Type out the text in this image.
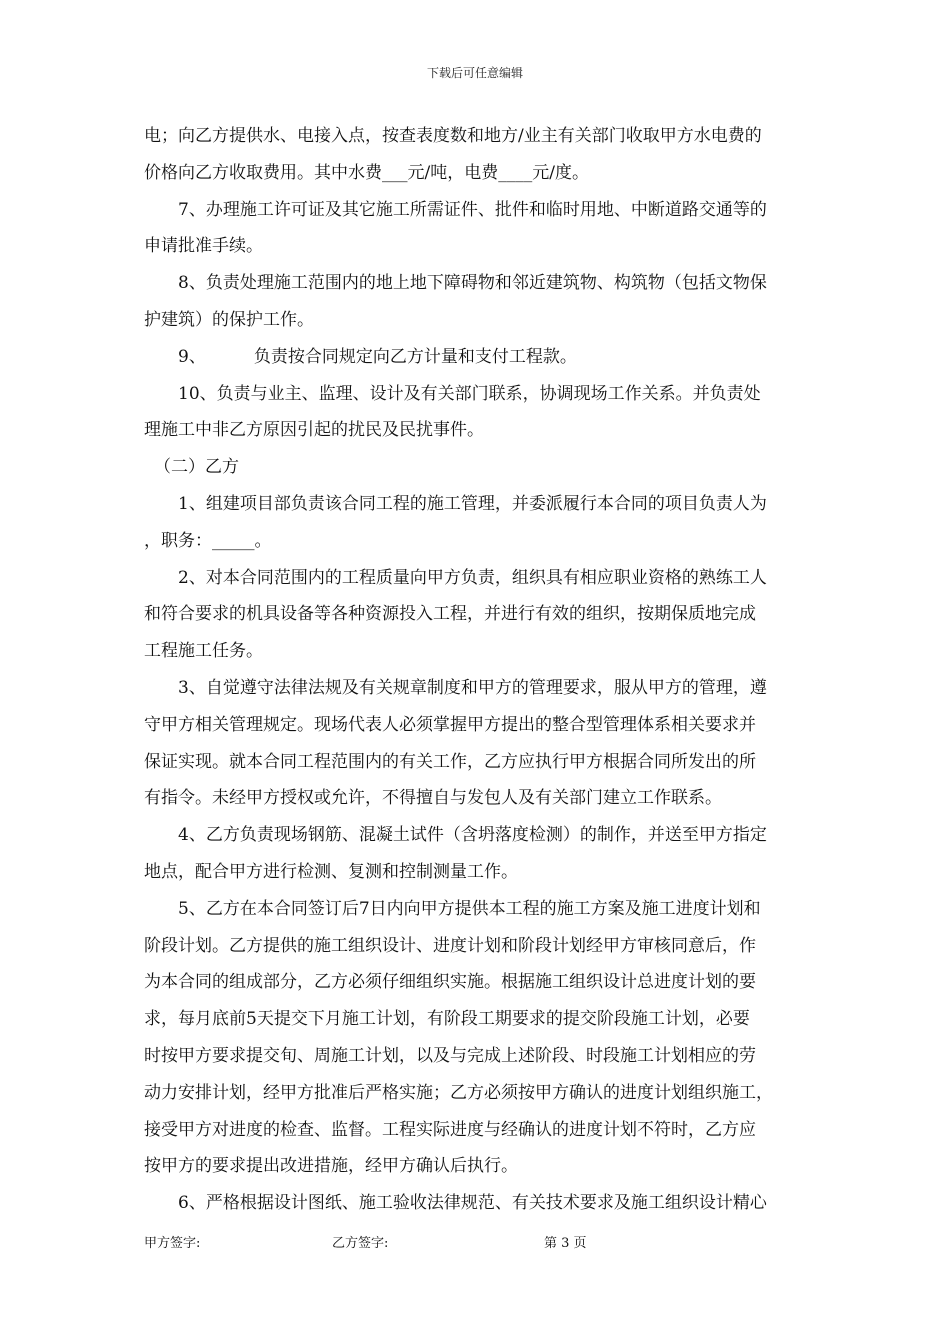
下载后可任意编辑

电；向乙方提供水、电接入点，按查表度数和地方/业主有关部门收取甲方水电费的

价格向乙方收取费用。其中水费___元/吨，电费____元/度。

7、办理施工许可证及其它施工所需证件、批件和临时用地、中断道路交通等的

申请批准手续。

8、负责处理施工范围内的地上地下障碍物和邻近建筑物、构筑物（包括文物保

护建筑）的保护工作。

9、	负责按合同规定向乙方计量和支付工程款。

10、负责与业主、监理、设计及有关部门联系，协调现场工作关系。并负责处

理施工中非乙方原因引起的扰民及民扰事件。

（二）乙方

1、组建项目部负责该合同工程的施工管理，并委派履行本合同的项目负责人为

，职务：_____。

2、对本合同范围内的工程质量向甲方负责，组织具有相应职业资格的熟练工人

和符合要求的机具设备等各种资源投入工程，并进行有效的组织，按期保质地完成

工程施工任务。

3、自觉遵守法律法规及有关规章制度和甲方的管理要求，服从甲方的管理，遵

守甲方相关管理规定。现场代表人必须掌握甲方提出的整合型管理体系相关要求并

保证实现。就本合同工程范围内的有关工作，乙方应执行甲方根据合同所发出的所

有指令。未经甲方授权或允许，不得擅自与发包人及有关部门建立工作联系。

4、乙方负责现场钢筋、混凝土试件（含坍落度检测）的制作，并送至甲方指定

地点，配合甲方进行检测、复测和控制测量工作。

5、乙方在本合同签订后7日内向甲方提供本工程的施工方案及施工进度计划和

阶段计划。乙方提供的施工组织设计、进度计划和阶段计划经甲方审核同意后，作

为本合同的组成部分，乙方必须仔细组织实施。根据施工组织设计总进度计划的要

求，每月底前5天提交下月施工计划，有阶段工期要求的提交阶段施工计划，必要

时按甲方要求提交旬、周施工计划，以及与完成上述阶段、时段施工计划相应的劳

动力安排计划，经甲方批准后严格实施；乙方必须按甲方确认的进度计划组织施工，

接受甲方对进度的检查、监督。工程实际进度与经确认的进度计划不符时，乙方应

按甲方的要求提出改进措施，经甲方确认后执行。

6、严格根据设计图纸、施工验收法律规范、有关技术要求及施工组织设计精心

甲方签字:	乙方签字:	第 3 页
